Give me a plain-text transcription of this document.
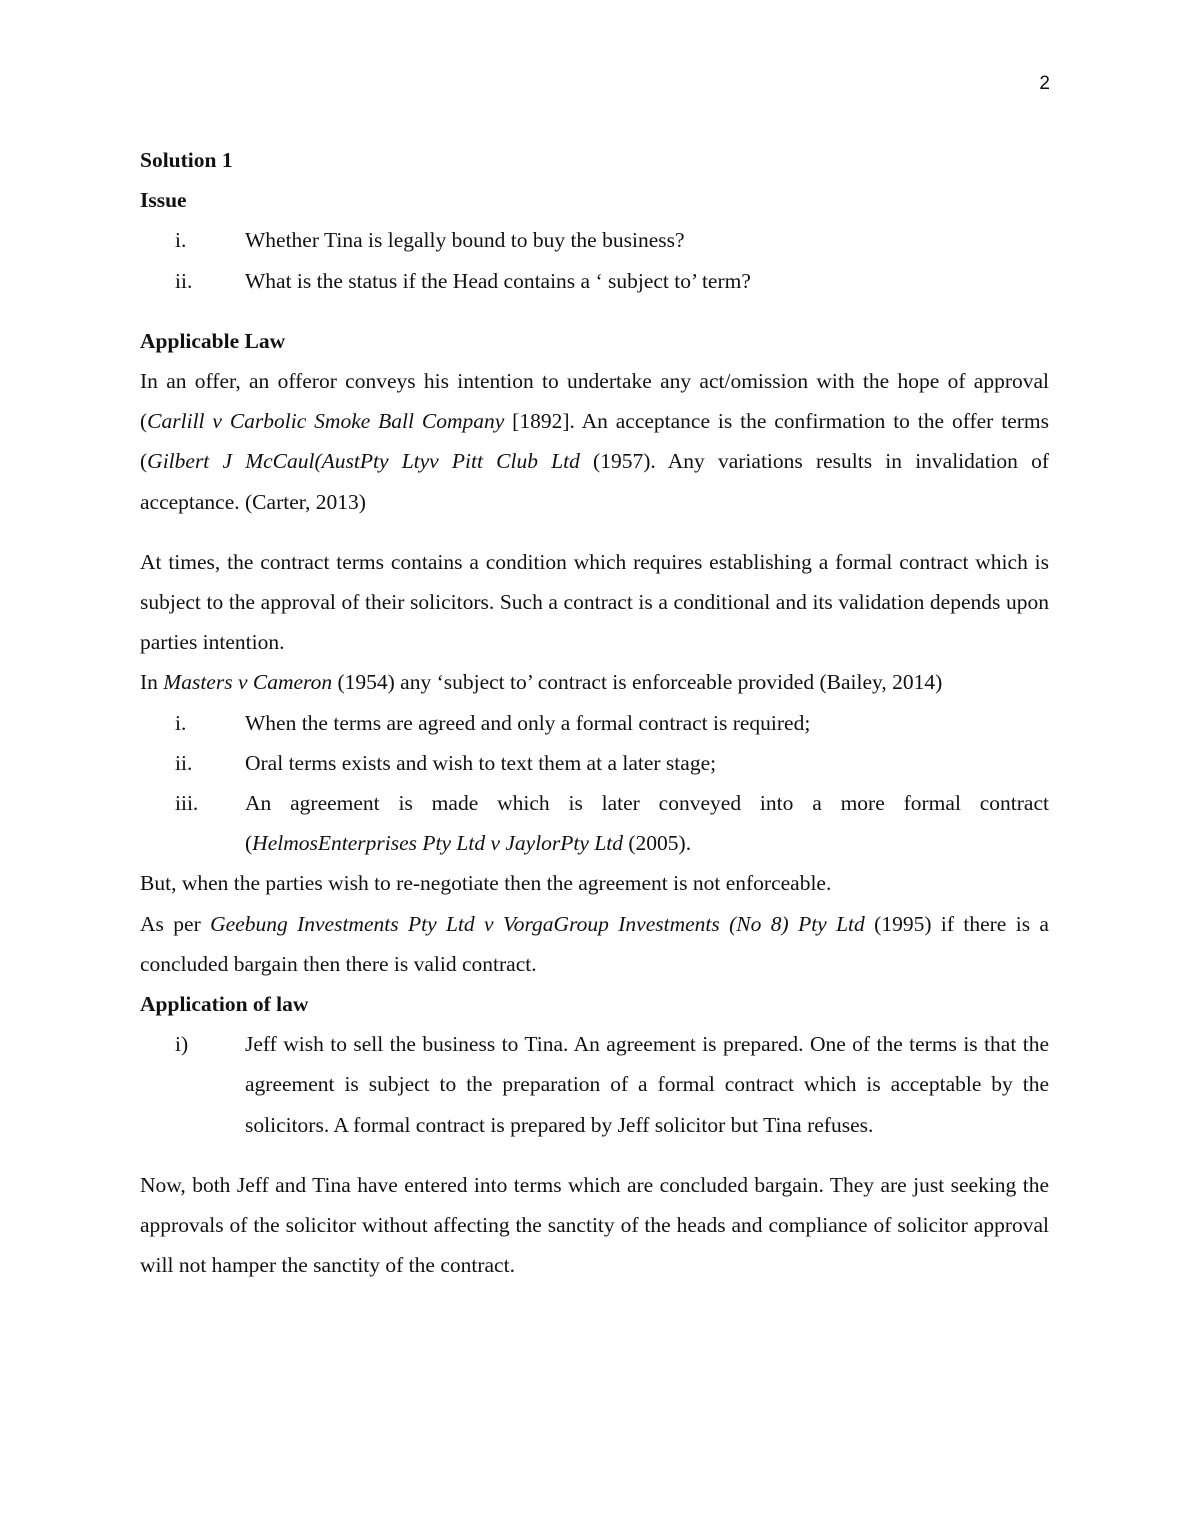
2

Solution 1

Issue

i.	Whether Tina is legally bound to buy the business?
ii. What is the status if the Head contains a ‘ subject to’ term?

Applicable Law

In an offer, an offeror conveys his intention to undertake any act/omission with the hope of approval (Carlill v Carbolic Smoke Ball Company [1892]. An acceptance is the confirmation to the offer terms (Gilbert J McCaul(AustPty Ltyv Pitt Club Ltd (1957). Any variations results in invalidation of acceptance. (Carter, 2013)

At times, the contract terms contains a condition which requires establishing a formal contract which is subject to the approval of their solicitors. Such a contract is a conditional and its validation depends upon parties intention.

In Masters v Cameron (1954) any ‘subject to’ contract is enforceable provided (Bailey, 2014)

i.	When the terms are agreed and only a formal contract is required;
ii. Oral terms exists and wish to text them at a later stage;
iii. An agreement is made which is later conveyed into a more formal contract (HelmosEnterprises Pty Ltd v JaylorPty Ltd (2005).

But, when the parties wish to re-negotiate then the agreement is not enforceable.

As per Geebung Investments Pty Ltd v VorgaGroup Investments (No 8) Pty Ltd (1995) if there is a concluded bargain then there is valid contract.

Application of law

i)	Jeff wish to sell the business to Tina. An agreement is prepared. One of the terms is that the agreement is subject to the preparation of a formal contract which is acceptable by the solicitors. A formal contract is prepared by Jeff solicitor but Tina refuses.

Now, both Jeff and Tina have entered into terms which are concluded bargain. They are just seeking the approvals of the solicitor without affecting the sanctity of the heads and compliance of solicitor approval will not hamper the sanctity of the contract.
